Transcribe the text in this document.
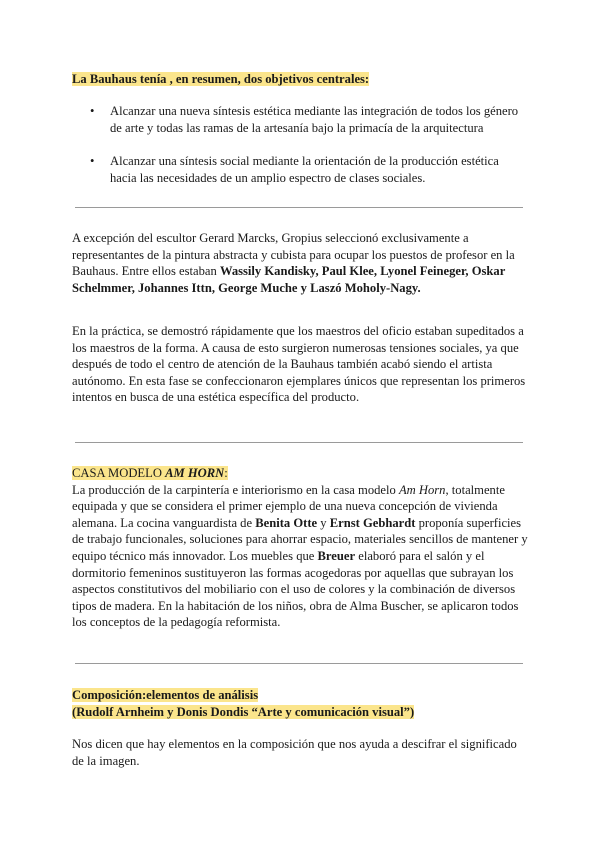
La Bauhaus tenía , en resumen, dos objetivos centrales:
• Alcanzar una nueva síntesis estética mediante las integración de todos los género de arte y todas las ramas de la artesanía bajo la primacía de la arquitectura
• Alcanzar una síntesis social mediante la orientación de la producción estética hacia las necesidades de un amplio espectro de clases sociales.

A excepción del escultor Gerard Marcks, Gropius seleccionó exclusivamente a representantes de la pintura abstracta y cubista para ocupar los puestos de profesor en la Bauhaus. Entre ellos estaban Wassily Kandisky, Paul Klee, Lyonel Feineger, Oskar Schelmmer, Johannes Ittn, George Muche y Laszó Moholy-Nagy.

En la práctica, se demostró rápidamente que los maestros del oficio estaban supeditados a los maestros de la forma. A causa de esto surgieron numerosas tensiones sociales, ya que después de todo el centro de atención de la Bauhaus también acabó siendo el artista autónomo. En esta fase se confeccionaron ejemplares únicos que representan los primeros intentos en busca de una estética específica del producto.

CASA MODELO AM HORN:

La producción de la carpintería e interiorismo en la casa modelo Am Horn, totalmente equipada y que se considera el primer ejemplo de una nueva concepción de vivienda alemana. La cocina vanguardista de Benita Otte y Ernst Gebhardt proponía superficies de trabajo funcionales, soluciones para ahorrar espacio, materiales sencillos de mantener y equipo técnico más innovador. Los muebles que Breuer elaboró para el salón y el dormitorio femeninos sustituyeron las formas acogedoras por aquellas que subrayan los aspectos constitutivos del mobiliario con el uso de colores y la combinación de diversos tipos de madera. En la habitación de los niños, obra de Alma Buscher, se aplicaron todos los conceptos de la pedagogía reformista.

Composición:elementos de análisis
(Rudolf Arnheim y Donis Dondis “Arte y comunicación visual”)

Nos dicen que hay elementos en la composición que nos ayuda a descifrar el significado de la imagen.
